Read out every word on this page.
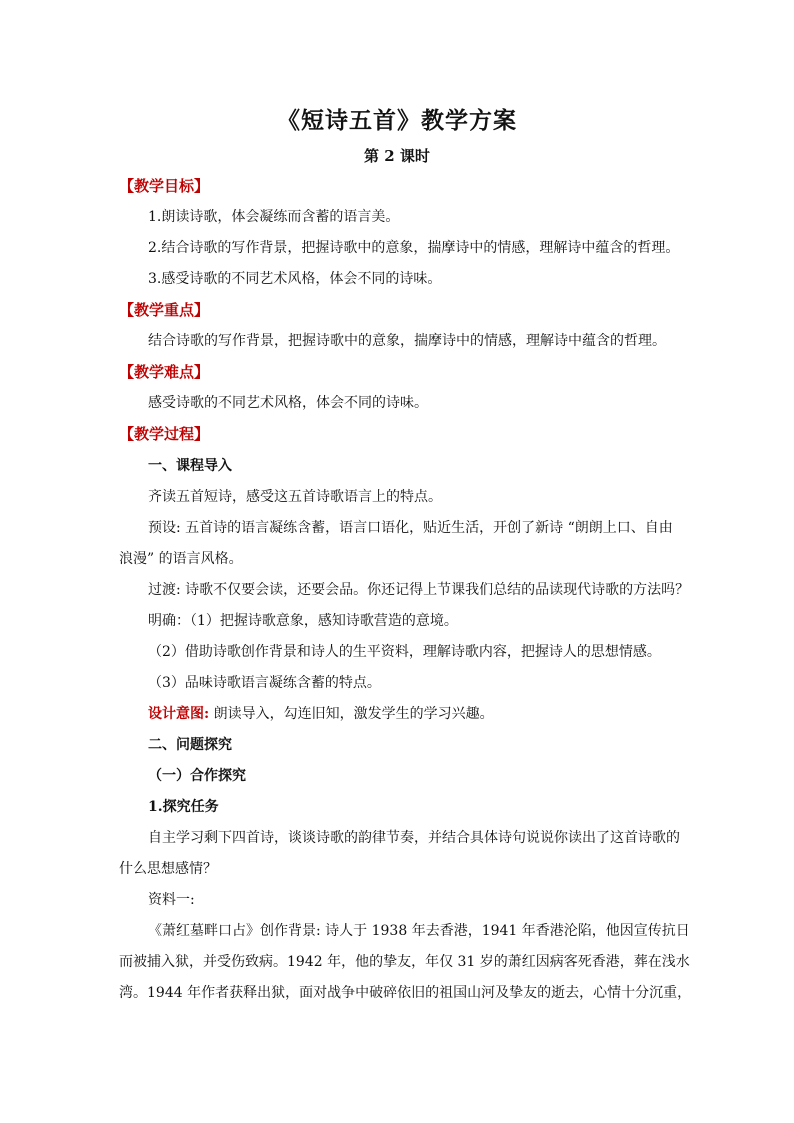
《短诗五首》教学方案
第 2 课时
【教学目标】
1.朗读诗歌，体会凝练而含蓄的语言美。
2.结合诗歌的写作背景，把握诗歌中的意象，揣摩诗中的情感，理解诗中蕴含的哲理。
3.感受诗歌的不同艺术风格，体会不同的诗味。
【教学重点】
结合诗歌的写作背景，把握诗歌中的意象，揣摩诗中的情感，理解诗中蕴含的哲理。
【教学难点】
感受诗歌的不同艺术风格，体会不同的诗味。
【教学过程】
一、课程导入
齐读五首短诗，感受这五首诗歌语言上的特点。
预设: 五首诗的语言凝练含蓄，语言口语化，贴近生活，开创了新诗 “朗朗上口、自由
浪漫” 的语言风格。
过渡: 诗歌不仅要会读，还要会品。你还记得上节课我们总结的品读现代诗歌的方法吗？
明确：（1）把握诗歌意象，感知诗歌营造的意境。
（2）借助诗歌创作背景和诗人的生平资料，理解诗歌内容，把握诗人的思想情感。
（3）品味诗歌语言凝练含蓄的特点。
设计意图: 朗读导入，勾连旧知，激发学生的学习兴趣。
二、问题探究
（一）合作探究
1.探究任务
自主学习剩下四首诗，谈谈诗歌的韵律节奏，并结合具体诗句说说你读出了这首诗歌的
什么思想感情？
资料一:
《萧红墓畔口占》创作背景: 诗人于 1938 年去香港，1941 年香港沦陷，他因宣传抗日
而被捕入狱，并受伤致病。1942 年，他的挚友，年仅 31 岁的萧红因病客死香港，葬在浅水
湾。1944 年作者获释出狱，面对战争中破碎依旧的祖国山河及挚友的逝去，心情十分沉重，
